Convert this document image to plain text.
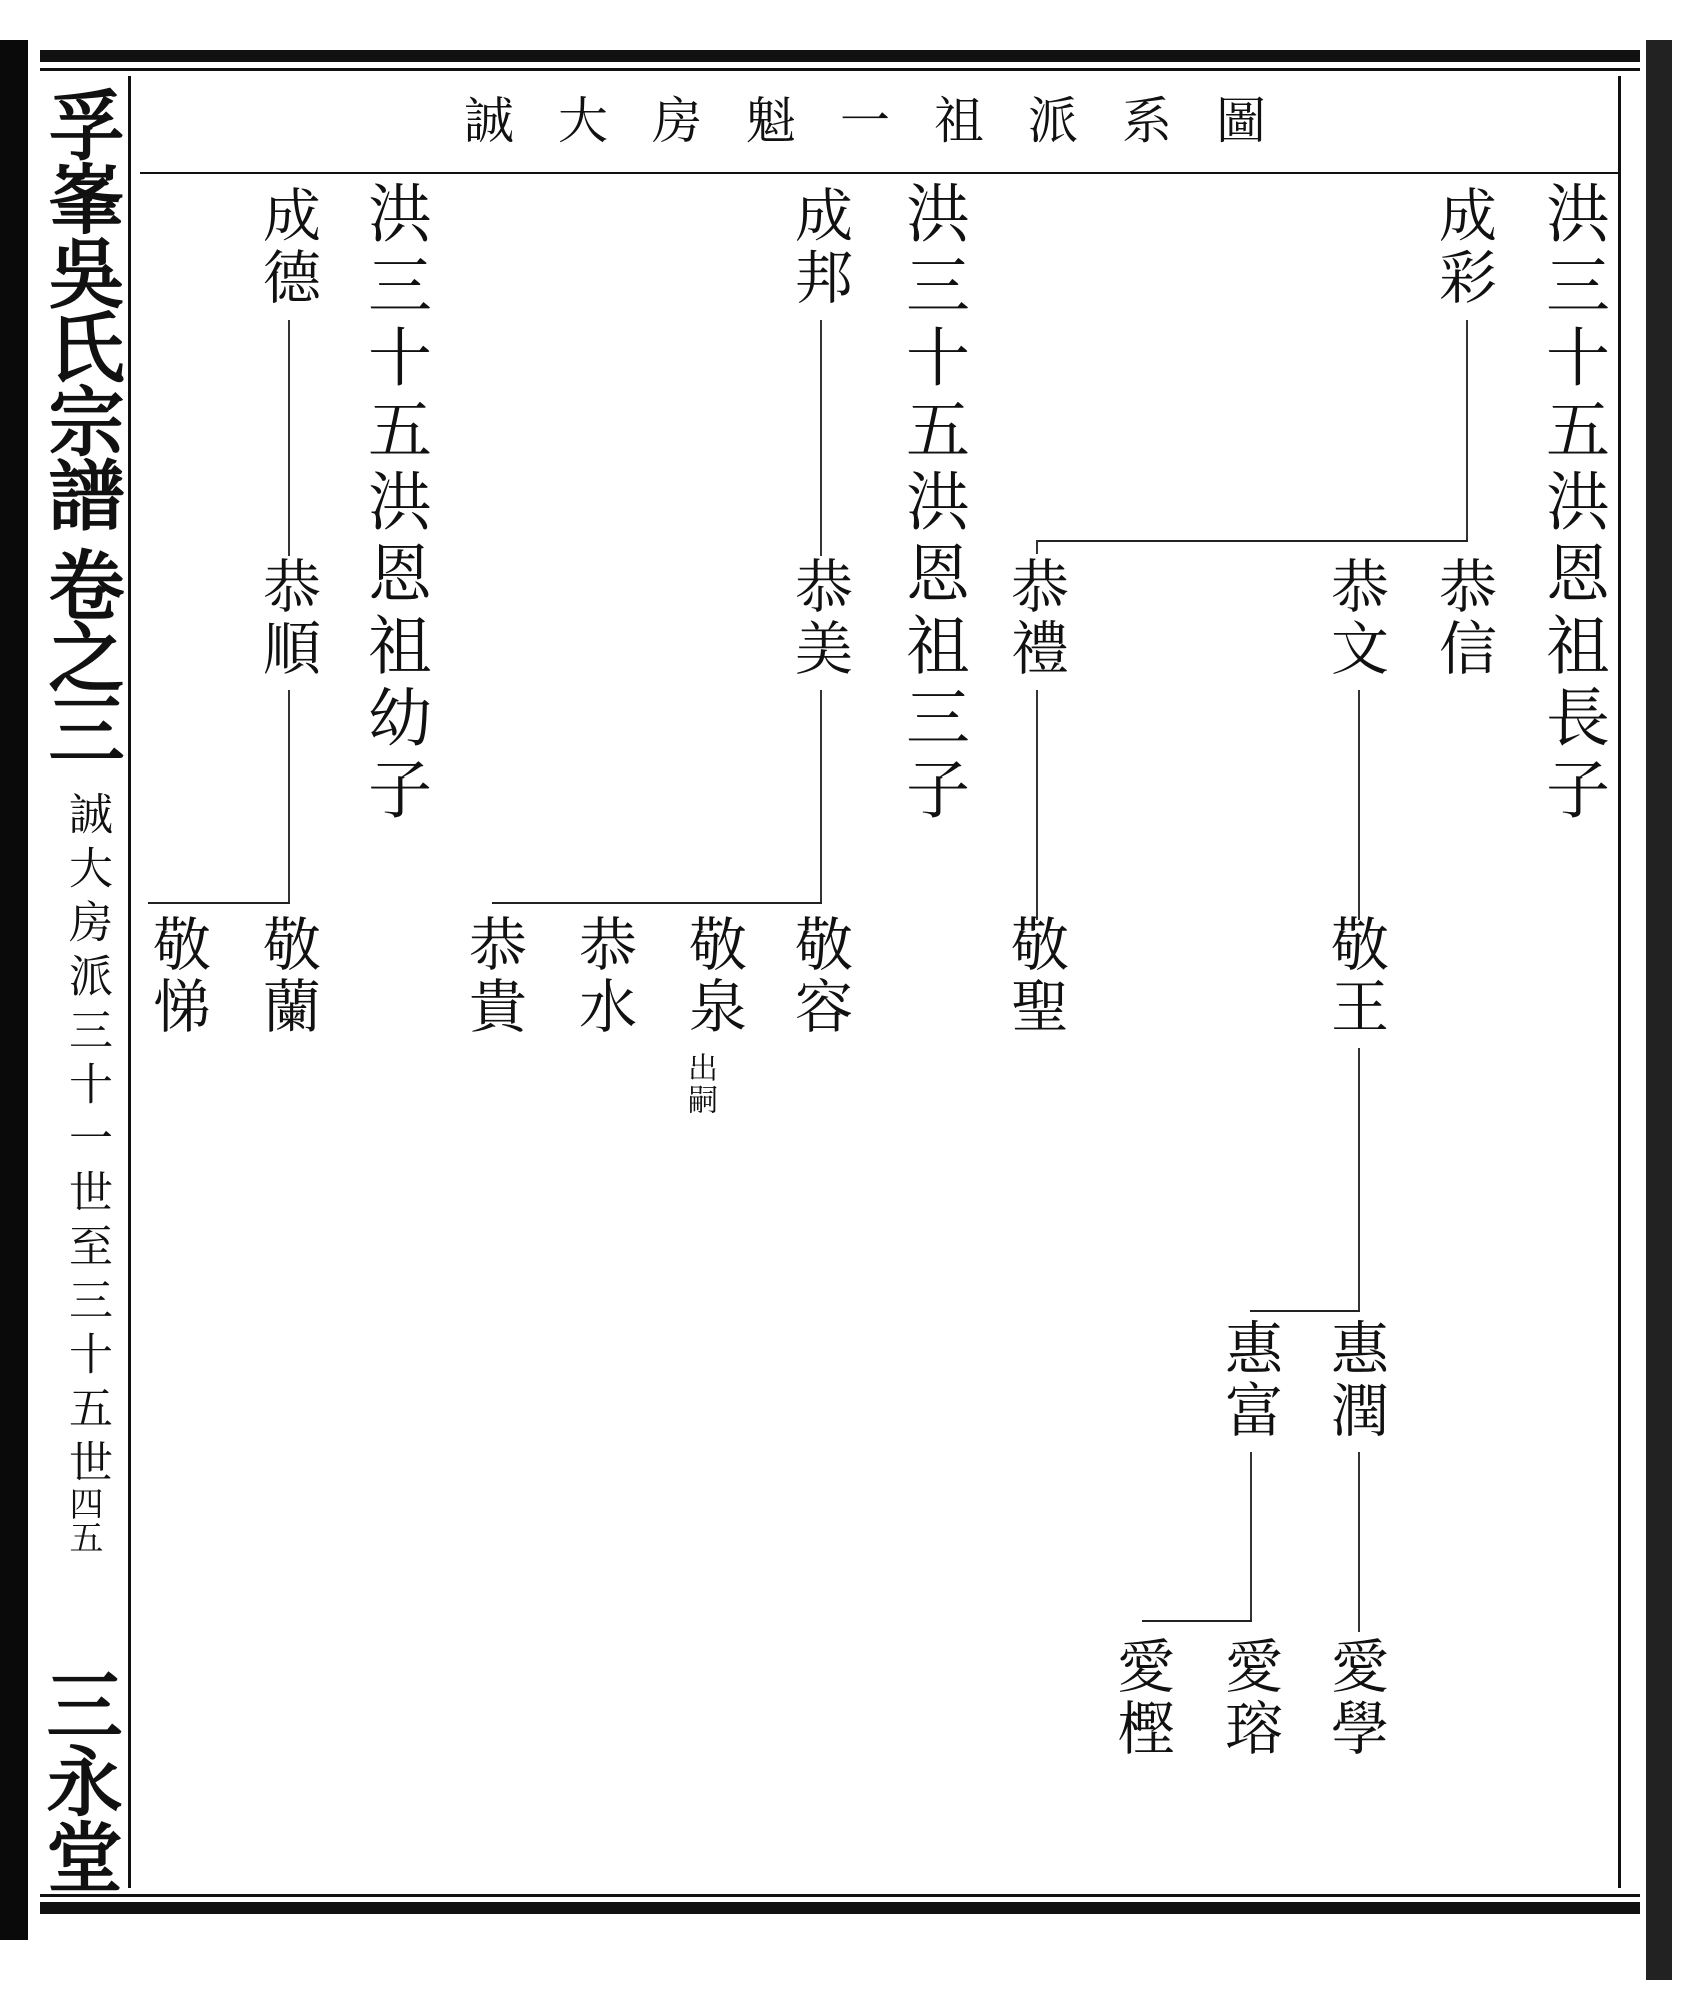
孚峯吳氏宗譜
卷之三
誠大房派三十一世至三十五世
四五
三永堂
誠大房魁一祖派系圖
洪三十五洪恩祖長子
洪三十五洪恩祖三子
洪三十五洪恩祖幼子	成彩
成邦
成德
恭信
恭文
恭禮
恭美
恭順
敬王
敬聖
敬容
敬泉
出嗣
恭水
恭貴
敬蘭
敬悌
惠潤
惠富
愛學
愛瑢
愛樫
